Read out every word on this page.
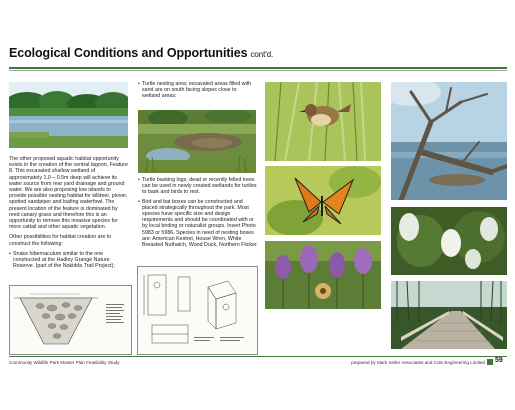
Ecological Conditions and Opportunities cont'd.

The other proposed aquatic habitat opportunity exists in the creation of the central lagoon, Feature 8. This excavated shallow wetland of approximately 1.0 – 0.5m deep will achieve its water source from rear yard drainage and ground water. We are also proposing low islands to provide possible nesting habitat for killdeer, plover, spotted sandpiper and loafing waterfowl. The present location of the feature is dominated by reed canary grass and therefore this is an opportunity to remove this invasive species for more cattail and other aquatic vegetation.

Other possibilities for habitat creation are to construct the following:

• Snake hibernaculum similar to the one constructed at the Hadley Grange Nature Reserve. (part of the Nokidda Trail Project);
• Turtle nesting area; excavated areas filled with sand are on south facing slopes close to wetland areas;
• Turtle basking logs; dead or recently felled trees can be used in newly created wetlands for turtles to bask and birds to rest.
• Bird and bat boxes can be constructed and placed strategically throughout the park. Most species have specific size and design requirements and should be coordinated with or by local birding or naturalist groups. Insert Photo 5983 or 5986. Species in need of nesting boxes are: American Kestrel, House Wren, White Breasted Nuthatch, Wood Duck, Northern Flicker.
Community Wildlife Park Master Plan Feasibility Study	prepared by Mark Seiler Associates and Cole Engineering Limited 59
